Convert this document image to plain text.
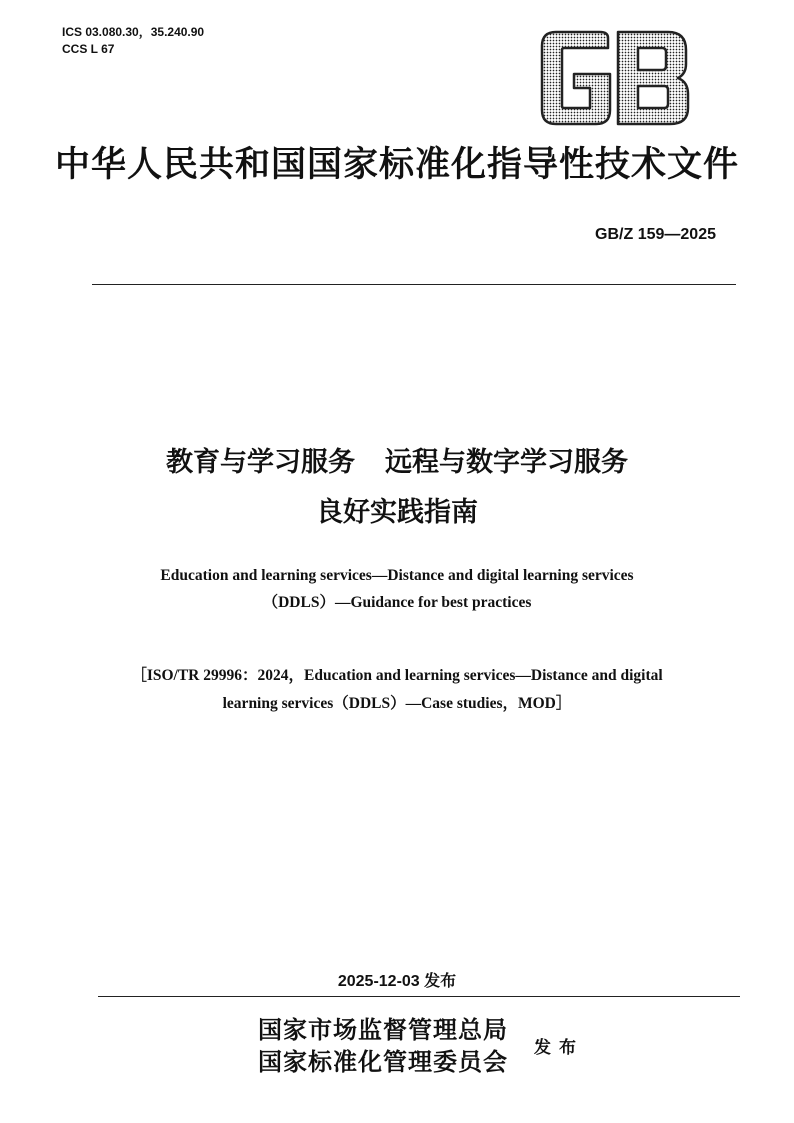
ICS 03.080.30，35.240.90
CCS L 67
GB
中华人民共和国国家标准化指导性技术文件
GB/Z 159—2025
教育与学习服务 远程与数字学习服务
良好实践指南
Education and learning services—Distance and digital learning services
（DDLS）—Guidance for best practices
［ISO/TR 29996：2024，Education and learning services—Distance and digital
learning services（DDLS）—Case studies，MOD］
2025-12-03 发布
国家市场监督管理总局
国家标准化管理委员会 发布
